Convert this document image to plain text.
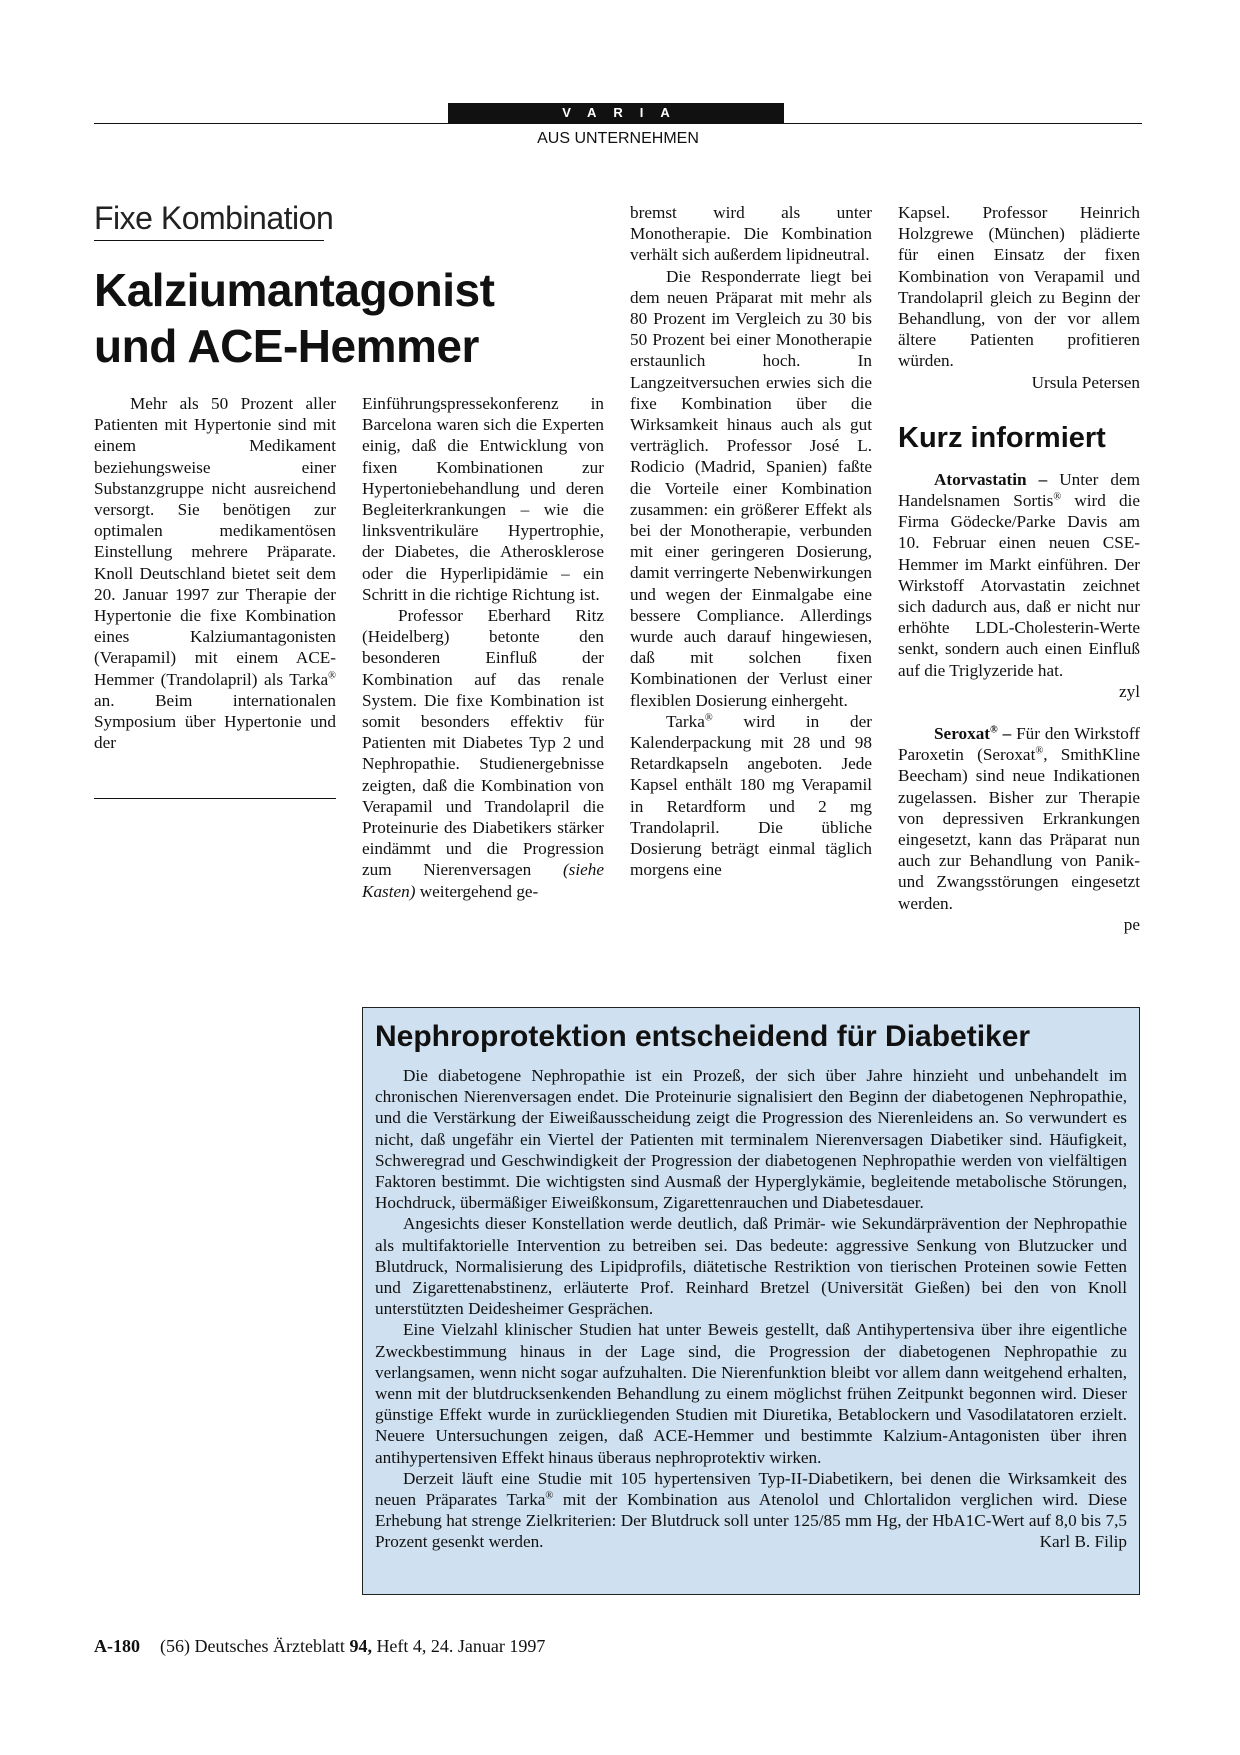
VARIA
AUS UNTERNEHMEN
Fixe Kombination
Kalziumantagonist
und ACE-Hemmer

Mehr als 50 Prozent aller Patienten mit Hypertonie sind mit einem Medikament beziehungsweise einer Substanzgruppe nicht ausreichend versorgt. Sie benötigen zur optimalen medikamentösen Einstellung mehrere Präparate. Knoll Deutschland bietet seit dem 20. Januar 1997 zur Therapie der Hypertonie die fixe Kombination eines Kalziumantagonisten (Verapamil) mit einem ACE-Hemmer (Trandolapril) als Tarka® an. Beim internationalen Symposium über Hypertonie und der

Einführungspressekonferenz in Barcelona waren sich die Experten einig, daß die Entwicklung von fixen Kombinationen zur Hypertoniebehandlung und deren Begleiterkrankungen – wie die linksventrikuläre Hypertrophie, der Diabetes, die Atherosklerose oder die Hyperlipidämie – ein Schritt in die richtige Richtung ist.

Professor Eberhard Ritz (Heidelberg) betonte den besonderen Einfluß der Kombination auf das renale System. Die fixe Kombination ist somit besonders effektiv für Patienten mit Diabetes Typ 2 und Nephropathie. Studienergebnisse zeigten, daß die Kombination von Verapamil und Trandolapril die Proteinurie des Diabetikers stärker eindämmt und die Progression zum Nierenversagen (siehe Kasten) weitergehend ge-

bremst wird als unter Monotherapie. Die Kombination verhält sich außerdem lipidneutral.

Die Responderrate liegt bei dem neuen Präparat mit mehr als 80 Prozent im Vergleich zu 30 bis 50 Prozent bei einer Monotherapie erstaunlich hoch. In Langzeitversuchen erwies sich die fixe Kombination über die Wirksamkeit hinaus auch als gut verträglich. Professor José L. Rodicio (Madrid, Spanien) faßte die Vorteile einer Kombination zusammen: ein größerer Effekt als bei der Monotherapie, verbunden mit einer geringeren Dosierung, damit verringerte Nebenwirkungen und wegen der Einmalgabe eine bessere Compliance. Allerdings wurde auch darauf hingewiesen, daß mit solchen fixen Kombinationen der Verlust einer flexiblen Dosierung einhergeht.

Tarka® wird in der Kalenderpackung mit 28 und 98 Retardkapseln angeboten. Jede Kapsel enthält 180 mg Verapamil in Retardform und 2 mg Trandolapril. Die übliche Dosierung beträgt einmal täglich morgens eine

Kapsel. Professor Heinrich Holzgrewe (München) plädierte für einen Einsatz der fixen Kombination von Verapamil und Trandolapril gleich zu Beginn der Behandlung, von der vor allem ältere Patienten profitieren würden.

Ursula Petersen
Kurz informiert

Atorvastatin – Unter dem Handelsnamen Sortis® wird die Firma Gödecke/Parke Davis am 10. Februar einen neuen CSE-Hemmer im Markt einführen. Der Wirkstoff Atorvastatin zeichnet sich dadurch aus, daß er nicht nur erhöhte LDL-Cholesterin-Werte senkt, sondern auch einen Einfluß auf die Triglyzeride hat.

zyl

Seroxat® – Für den Wirkstoff Paroxetin (Seroxat®, SmithKline Beecham) sind neue Indikationen zugelassen. Bisher zur Therapie von depressiven Erkrankungen eingesetzt, kann das Präparat nun auch zur Behandlung von Panik- und Zwangsstörungen eingesetzt werden.

pe
Nephroprotektion entscheidend für Diabetiker

Die diabetogene Nephropathie ist ein Prozeß, der sich über Jahre hinzieht und unbehandelt im chronischen Nierenversagen endet. Die Proteinurie signalisiert den Beginn der diabetogenen Nephropathie, und die Verstärkung der Eiweißausscheidung zeigt die Progression des Nierenleidens an. So verwundert es nicht, daß ungefähr ein Viertel der Patienten mit terminalem Nierenversagen Diabetiker sind. Häufigkeit, Schweregrad und Geschwindigkeit der Progression der diabetogenen Nephropathie werden von vielfältigen Faktoren bestimmt. Die wichtigsten sind Ausmaß der Hyperglykämie, begleitende metabolische Störungen, Hochdruck, übermäßiger Eiweißkonsum, Zigarettenrauchen und Diabetesdauer.

Angesichts dieser Konstellation werde deutlich, daß Primär- wie Sekundärprävention der Nephropathie als multifaktorielle Intervention zu betreiben sei. Das bedeute: aggressive Senkung von Blutzucker und Blutdruck, Normalisierung des Lipidprofils, diätetische Restriktion von tierischen Proteinen sowie Fetten und Zigarettenabstinenz, erläuterte Prof. Reinhard Bretzel (Universität Gießen) bei den von Knoll unterstützten Deidesheimer Gesprächen.

Eine Vielzahl klinischer Studien hat unter Beweis gestellt, daß Antihypertensiva über ihre eigentliche Zweckbestimmung hinaus in der Lage sind, die Progression der diabetogenen Nephropathie zu verlangsamen, wenn nicht sogar aufzuhalten. Die Nierenfunktion bleibt vor allem dann weitgehend erhalten, wenn mit der blutdrucksenkenden Behandlung zu einem möglichst frühen Zeitpunkt begonnen wird. Dieser günstige Effekt wurde in zurückliegenden Studien mit Diuretika, Betablockern und Vasodilatatoren erzielt. Neuere Untersuchungen zeigen, daß ACE-Hemmer und bestimmte Kalzium-Antagonisten über ihren antihypertensiven Effekt hinaus überaus nephroprotektiv wirken.

Derzeit läuft eine Studie mit 105 hypertensiven Typ-II-Diabetikern, bei denen die Wirksamkeit des neuen Präparates Tarka® mit der Kombination aus Atenolol und Chlortalidon verglichen wird. Diese Erhebung hat strenge Zielkriterien: Der Blutdruck soll unter 125/85 mm Hg, der HbA1C-Wert auf 8,0 bis 7,5 Prozent gesenkt werden.	Karl B. Filip

A-180 (56) Deutsches Ärzteblatt 94, Heft 4, 24. Januar 1997
